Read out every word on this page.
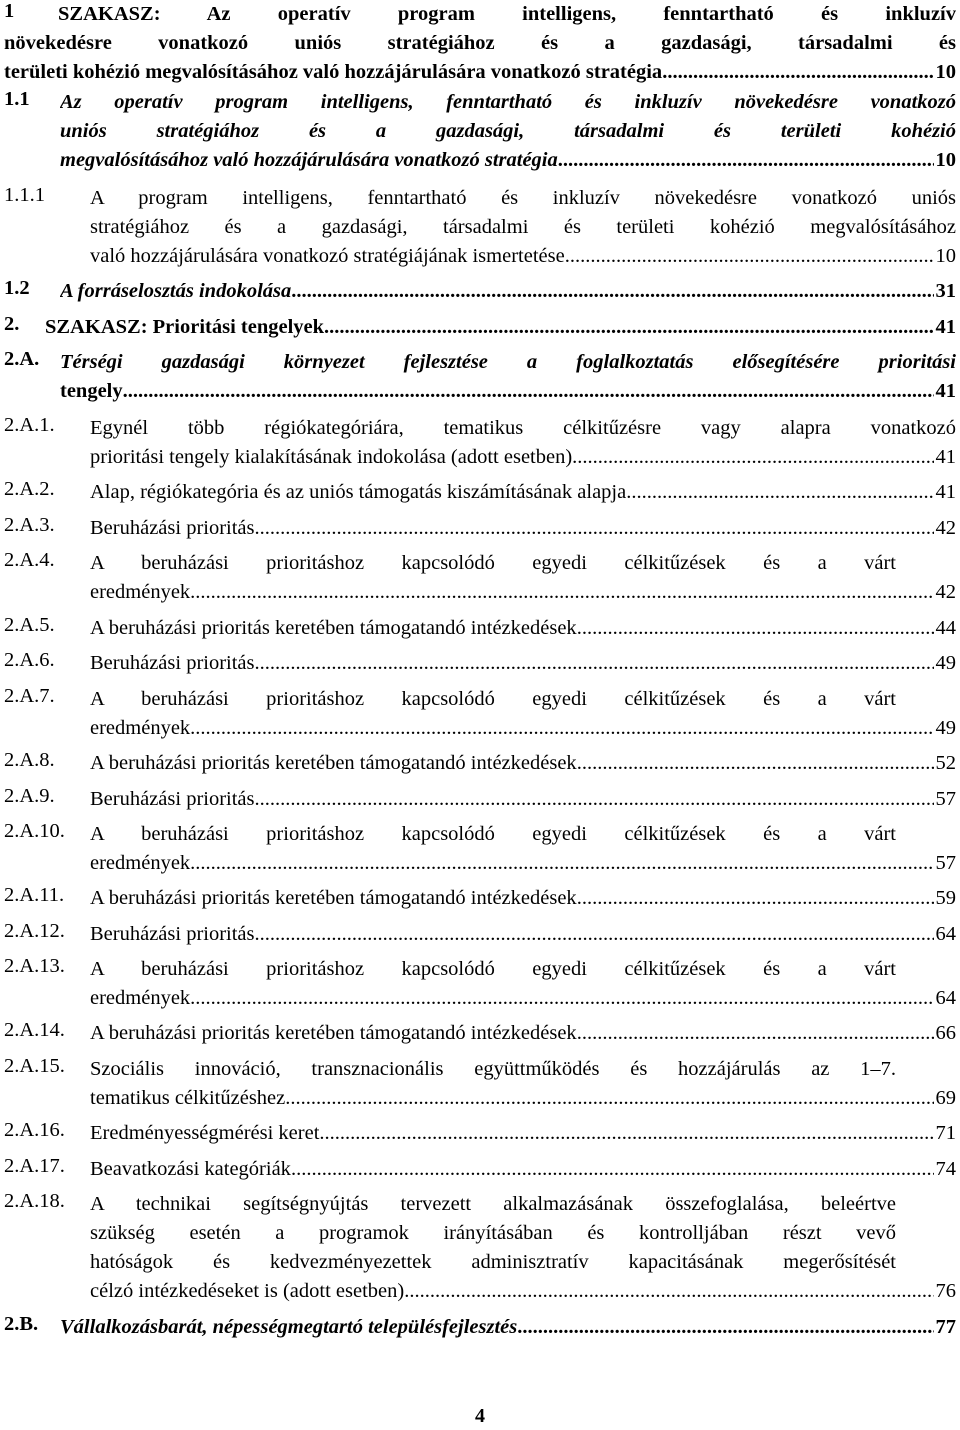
1 SZAKASZ: Az operatív program intelligens, fenntartható és inkluzív
növekedésre vonatkozó uniós stratégiához és a gazdasági, társadalmi és
területi kohézió megvalósításához való hozzájárulására vonatkozó stratégia .....	10
1.1 Az operatív program intelligens, fenntartható és inkluzív növekedésre vonatkozó
uniós stratégiához és a gazdasági, társadalmi és területi kohézió
megvalósításához való hozzájárulására vonatkozó stratégia .....	10
1.1.1 A program intelligens, fenntartható és inkluzív növekedésre vonatkozó uniós
stratégiához és a gazdasági, társadalmi és területi kohézió megvalósításához
való hozzájárulására vonatkozó stratégiájának ismertetése. .....	10
1.2 A forráselosztás indokolása .....	31
2. SZAKASZ: Prioritási tengelyek .....	41
2.A. Térségi gazdasági környezet fejlesztése a foglalkoztatás elősegítésére prioritási
tengely .....	41
2.A.1. Egynél több régiókategóriára, tematikus célkitűzésre vagy alapra vonatkozó
prioritási tengely kialakításának indokolása (adott esetben) .....	41
2.A.2. Alap, régiókategória és az uniós támogatás kiszámításának alapja .....	41
2.A.3. Beruházási prioritás .....	42
2.A.4. A beruházási prioritáshoz kapcsolódó egyedi célkitűzések és a várt
eredmények .....	42
2.A.5. A beruházási prioritás keretében támogatandó intézkedések .....	44
2.A.6. Beruházási prioritás .....	49
2.A.7. A beruházási prioritáshoz kapcsolódó egyedi célkitűzések és a várt
eredmények .....	49
2.A.8. A beruházási prioritás keretében támogatandó intézkedések .....	52
2.A.9. Beruházási prioritás .....	57
2.A.10. A beruházási prioritáshoz kapcsolódó egyedi célkitűzések és a várt
eredmények .....	57
2.A.11. A beruházási prioritás keretében támogatandó intézkedések .....	59
2.A.12. Beruházási prioritás .....	64
2.A.13. A beruházási prioritáshoz kapcsolódó egyedi célkitűzések és a várt
eredmények .....	64
2.A.14. A beruházási prioritás keretében támogatandó intézkedések .....	66
2.A.15. Szociális innováció, transznacionális együttműködés és hozzájárulás az 1–7.
tematikus célkitűzéshez .....	69
2.A.16. Eredményességmérési keret .....	71
2.A.17. Beavatkozási kategóriák .....	74
2.A.18. A technikai segítségnyújtás tervezett alkalmazásának összefoglalása, beleértve
szükség esetén a programok irányításában és kontrolljában részt vevő
hatóságok és kedvezményezettek adminisztratív kapacitásának megerősítését
célzó intézkedéseket is (adott esetben) .....	76
2.B. Vállalkozásbarát, népességmegtartó településfejlesztés .....	77
4
